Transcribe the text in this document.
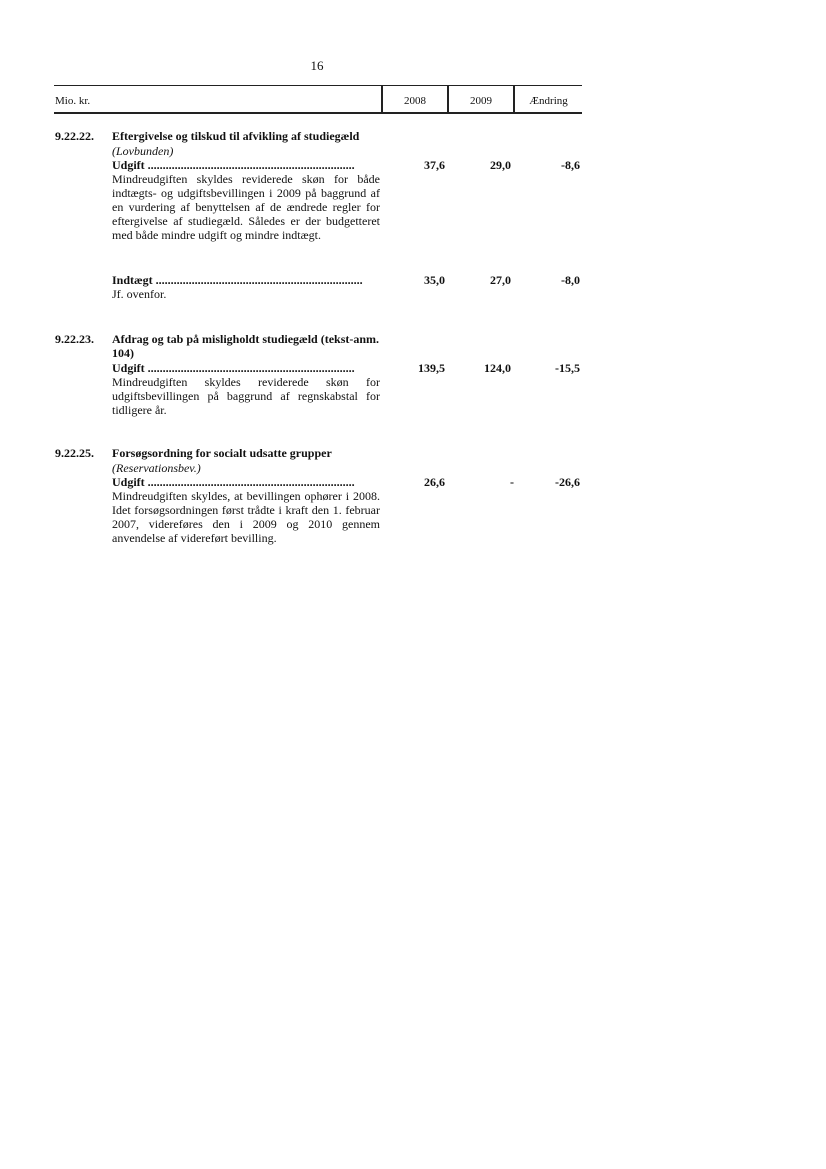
16
Mio. kr.	2008	2009	Ændring
9.22.22. Eftergivelse og tilskud til afvikling af studiegæld
(Lovbunden)
Udgift .....................................................................	37,6	29,0	-8,6
Mindreudgiften skyldes reviderede skøn for både indtægts- og udgiftsbevillingen i 2009 på baggrund af en vurdering af benyttelsen af de ændrede regler for eftergivelse af studiegæld. Således er der budgetteret med både mindre udgift og mindre indtægt.
Indtægt .....................................................................	35,0	27,0	-8,0
Jf. ovenfor.
9.22.23. Afdrag og tab på misligholdt studiegæld (tekst-anm. 104)
Udgift .....................................................................	139,5	124,0	-15,5
Mindreudgiften skyldes reviderede skøn for udgiftsbevillingen på baggrund af regnskabstal for tidligere år.
9.22.25. Forsøgsordning for socialt udsatte grupper
(Reservationsbev.)
Udgift .....................................................................	26,6	-	-26,6
Mindreudgiften skyldes, at bevillingen ophører i 2008. Idet forsøgsordningen først trådte i kraft den 1. februar 2007, videreføres den i 2009 og 2010 gennem anvendelse af videreført bevilling.
